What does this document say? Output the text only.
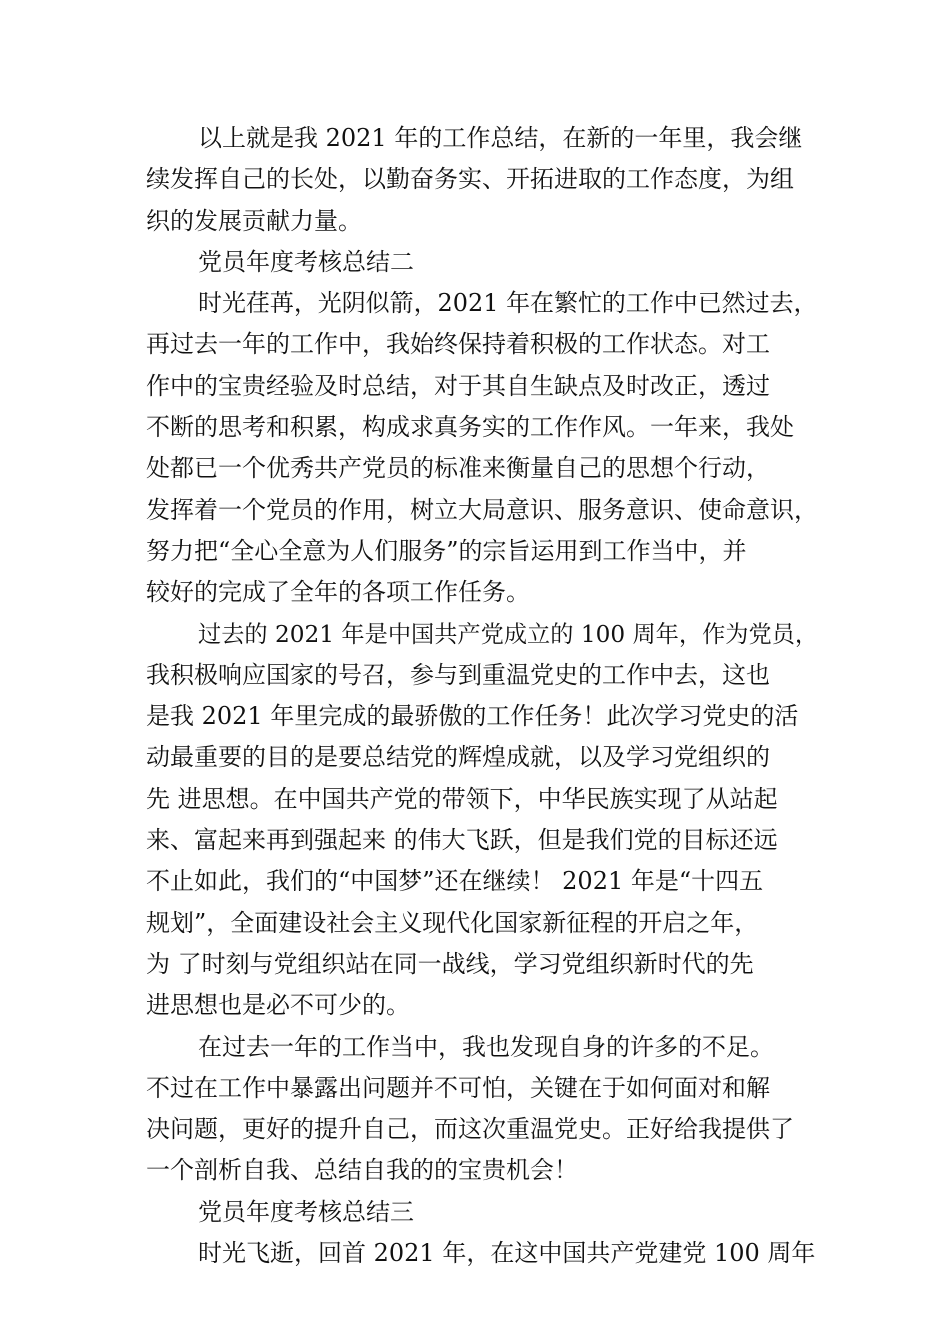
以上就是我 2021 年的工作总结，在新的一年里，我会继
续发挥自己的长处，以勤奋务实、开拓进取的工作态度，为组
织的发展贡献力量。
党员年度考核总结二
时光荏苒，光阴似箭，2021 年在繁忙的工作中已然过去，
再过去一年的工作中，我始终保持着积极的工作状态。对工
作中的宝贵经验及时总结，对于其自生缺点及时改正，透过
不断的思考和积累，构成求真务实的工作作风。一年来，我处
处都已一个优秀共产党员的标准来衡量自己的思想个行动，
发挥着一个党员的作用，树立大局意识、服务意识、使命意识，
努力把“全心全意为人们服务”的宗旨运用到工作当中，并
较好的完成了全年的各项工作任务。
过去的 2021 年是中国共产党成立的 100 周年，作为党员，
我积极响应国家的号召，参与到重温党史的工作中去，这也
是我 2021 年里完成的最骄傲的工作任务！此次学习党史的活
动最重要的目的是要总结党的辉煌成就，以及学习党组织的
先 进思想。在中国共产党的带领下，中华民族实现了从站起
来、富起来再到强起来 的伟大飞跃，但是我们党的目标还远
不止如此，我们的“中国梦”还在继续！ 2021 年是“十四五
规划”，全面建设社会主义现代化国家新征程的开启之年，
为 了时刻与党组织站在同一战线，学习党组织新时代的先
进思想也是必不可少的。
在过去一年的工作当中，我也发现自身的许多的不足。
不过在工作中暴露出问题并不可怕，关键在于如何面对和解
决问题，更好的提升自己，而这次重温党史。正好给我提供了
一个剖析自我、总结自我的的宝贵机会！
党员年度考核总结三
时光飞逝，回首 2021 年，在这中国共产党建党 100 周年
